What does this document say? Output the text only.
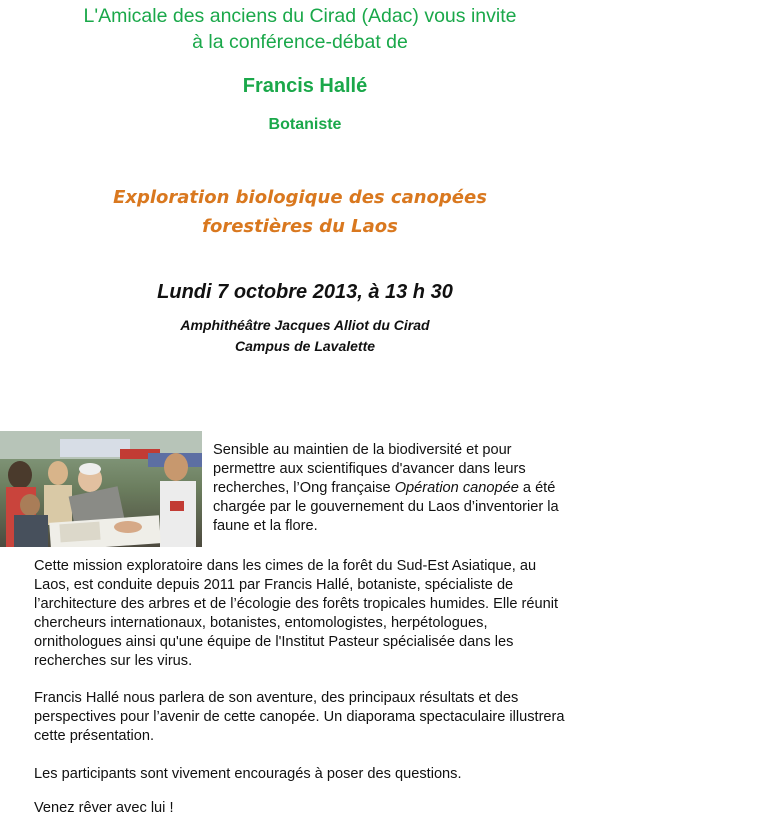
L'Amicale des anciens du Cirad (Adac) vous invite
à la conférence-débat de
Francis Hallé
Botaniste
Exploration biologique des canopées
forestières du Laos
Lundi 7 octobre 2013, à 13 h 30
Amphithéâtre Jacques Alliot du Cirad
Campus de Lavalette
Sensible au maintien de la biodiversité et pour permettre aux scientifiques d'avancer dans leurs recherches, l’Ong française Opération canopée a été chargée par le gouvernement du Laos d’inventorier la faune et la flore.
Cette mission exploratoire dans les cimes de la forêt du Sud-Est Asiatique, au Laos, est conduite depuis 2011 par Francis Hallé, botaniste, spécialiste de l’architecture des arbres et de l’écologie des forêts tropicales humides. Elle réunit chercheurs internationaux, botanistes, entomologistes, herpétologues, ornithologues ainsi qu'une équipe de l'Institut Pasteur spécialisée dans les recherches sur les virus.
Francis Hallé nous parlera de son aventure, des principaux résultats et des perspectives pour l’avenir de cette canopée. Un diaporama spectaculaire illustrera cette présentation.
Les participants sont vivement encouragés à poser des questions.
Venez rêver avec lui !
